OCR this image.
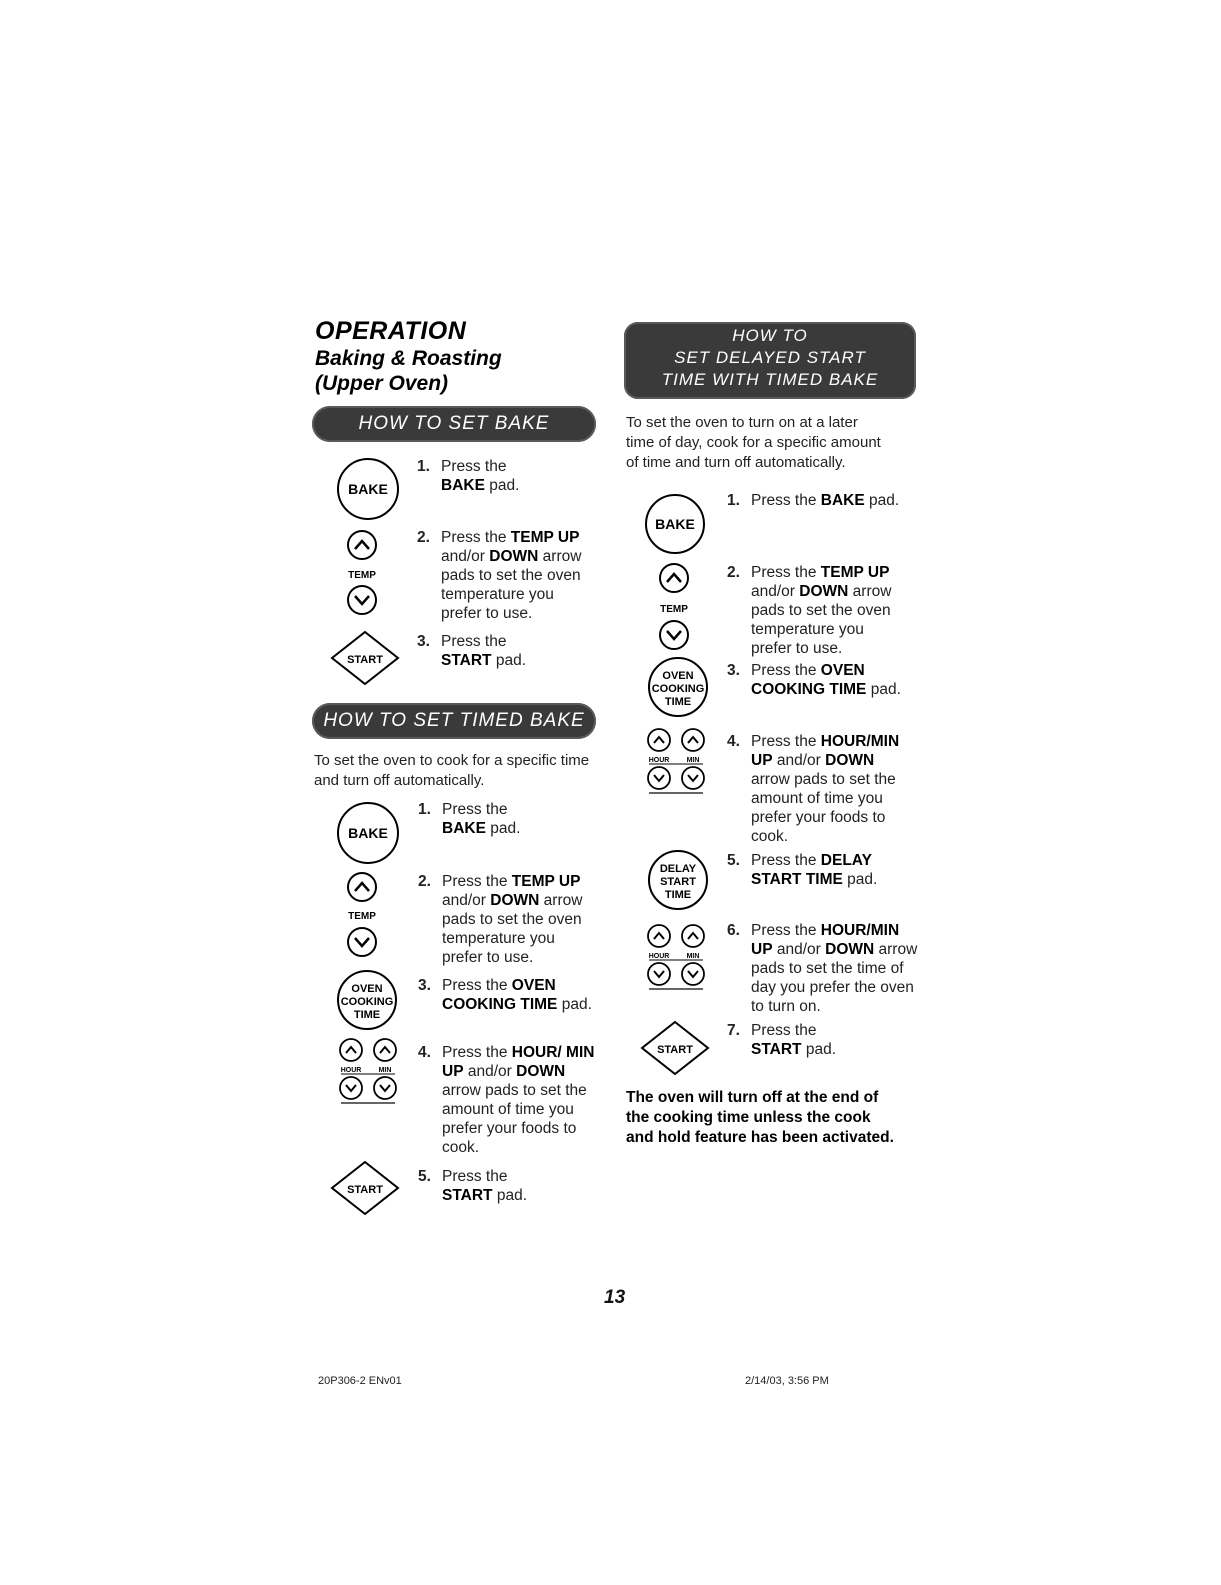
OPERATION
Baking & Roasting
(Upper Oven)
HOW TO SET BAKE
BAKE
TEMP
START
1. Press the
BAKE pad.
2. Press the TEMP UP and/or DOWN arrow pads to set the oven temperature you prefer to use.
3. Press the
START pad.
HOW TO SET TIMED BAKE
To set the oven to cook for a specific time and turn off automatically.
BAKE
TEMP
OVEN
COOKING
TIME
HOUR MIN
START
1. Press the
BAKE pad.
2. Press the TEMP UP and/or DOWN arrow pads to set the oven temperature you prefer to use.
3. Press the OVEN COOKING TIME pad.
4. Press the HOUR/ MIN UP and/or DOWN arrow pads to set the amount of time you prefer your foods to cook.
5. Press the
START pad.
HOW TO
SET DELAYED START
TIME WITH TIMED BAKE
To set the oven to turn on at a later time of day, cook for a specific amount of time and turn off automatically.
BAKE
TEMP
OVEN
COOKING
TIME
HOUR MIN
DELAY
START
TIME
HOUR MIN
START
1. Press the BAKE pad.
2. Press the TEMP UP and/or DOWN arrow pads to set the oven temperature you prefer to use.
3. Press the OVEN COOKING TIME pad.
4. Press the HOUR/MIN UP and/or DOWN arrow pads to set the amount of time you prefer your foods to cook.
5. Press the DELAY START TIME pad.
6. Press the HOUR/MIN UP and/or DOWN arrow pads to set the time of day you prefer the oven to turn on.
7. Press the
START pad.
The oven will turn off at the end of the cooking time unless the cook and hold feature has been activated.
13
20P306-2 ENv01	2/14/03, 3:56 PM
